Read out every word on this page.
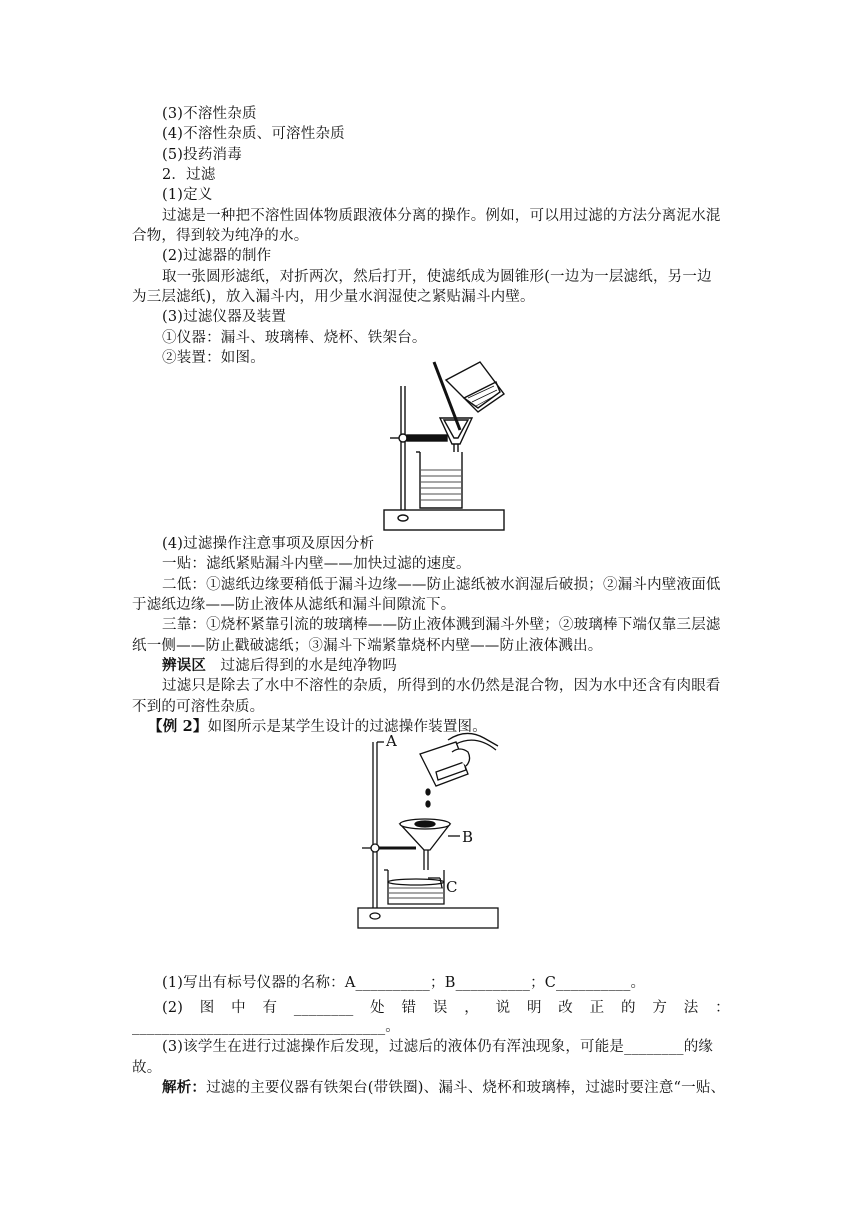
(3)不溶性杂质
(4)不溶性杂质、可溶性杂质
(5)投药消毒
2．过滤
(1)定义
过滤是一种把不溶性固体物质跟液体分离的操作。例如，可以用过滤的方法分离泥水混
合物，得到较为纯净的水。
(2)过滤器的制作
取一张圆形滤纸，对折两次，然后打开，使滤纸成为圆锥形(一边为一层滤纸，另一边
为三层滤纸)，放入漏斗内，用少量水润湿使之紧贴漏斗内壁。
(3)过滤仪器及装置
①仪器：漏斗、玻璃棒、烧杯、铁架台。
②装置：如图。
(4)过滤操作注意事项及原因分析
一贴：滤纸紧贴漏斗内壁——加快过滤的速度。
二低：①滤纸边缘要稍低于漏斗边缘——防止滤纸被水润湿后破损；②漏斗内壁液面低
于滤纸边缘——防止液体从滤纸和漏斗间隙流下。
三靠：①烧杯紧靠引流的玻璃棒——防止液体溅到漏斗外壁；②玻璃棒下端仅靠三层滤
纸一侧——防止戳破滤纸；③漏斗下端紧靠烧杯内壁——防止液体溅出。
辨误区 过滤后得到的水是纯净物吗
过滤只是除去了水中不溶性的杂质，所得到的水仍然是混合物，因为水中还含有肉眼看
不到的可溶性杂质。
【例 2】如图所示是某学生设计的过滤操作装置图。
A
B
C
(1)写出有标号仪器的名称：A__________；B__________；C__________。
(2) 图 中 有 ________ 处 错 误 ， 说 明 改 正 的 方 法 ：
__________________________________。
(3)该学生在进行过滤操作后发现，过滤后的液体仍有浑浊现象，可能是________的缘
故。
解析：过滤的主要仪器有铁架台(带铁圈)、漏斗、烧杯和玻璃棒，过滤时要注意“一贴、
